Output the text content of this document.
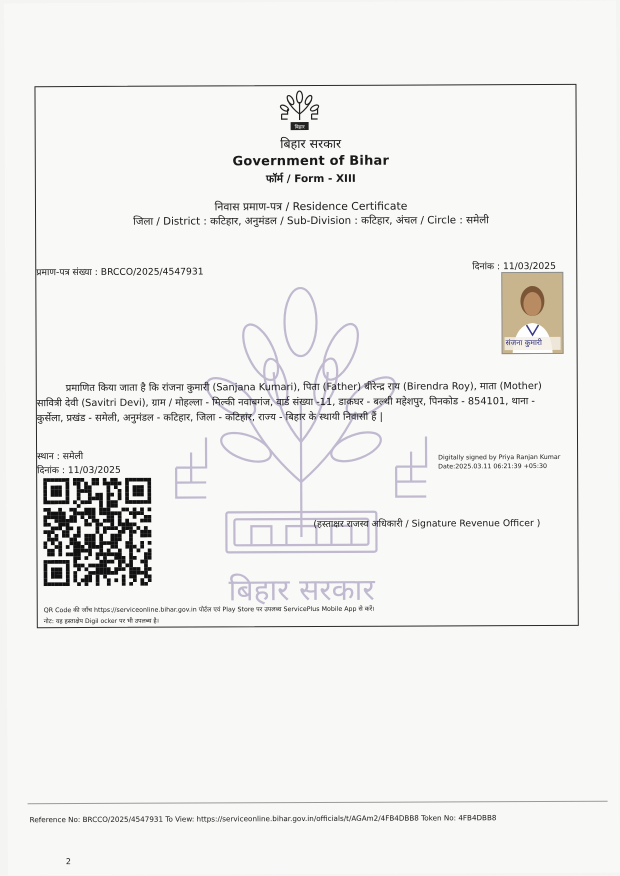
बिहार सरकार
बिहार
बिहार सरकार
Government of Bihar
फॉर्म / Form - XIII
निवास प्रमाण-पत्र / Residence Certificate
जिला / District : कटिहार, अनुमंडल / Sub-Division : कटिहार, अंचल / Circle : समेली
प्रमाण-पत्र संख्या : BRCCO/2025/4547931	दिनांक : 11/03/2025
संजना कुमारी
प्रमाणित किया जाता है कि रांजना कुमारी (Sanjana Kumari), पिता (Father) बीरेन्द्र राय (Birendra Roy), माता (Mother)
सावित्री देवी (Savitri Devi), ग्राम / मोहल्ला - मिल्की नवाबगंज, वार्ड संख्या -11, डाकघर - बल्थी महेशपुर, पिनकोड - 854101, थाना -
कुर्सेला, प्रखंड - समेली, अनुमंडल - कटिहार, जिला - कटिहार, राज्य - बिहार के स्थायी निवासी हैं |
स्थान : समेली
दिनांक : 11/03/2025
Digitally signed by Priya Ranjan Kumar
Date:2025.03.11 06:21:39 +05:30
(हस्ताक्षर राजस्व अधिकारी / Signature Revenue Officer )
QR Code की जाँच https://serviceonline.bihar.gov.in पोर्टल एवं Play Store पर उपलब्ध ServicePlus Mobile App से करें।
नोट: यह हस्ताक्षेप Digil ocker पर भी उपलब्ध है।
Reference No: BRCCO/2025/4547931 To View: https://serviceonline.bihar.gov.in/officials/t/AGAm2/4FB4DBB8 Token No: 4FB4DBB8
2
